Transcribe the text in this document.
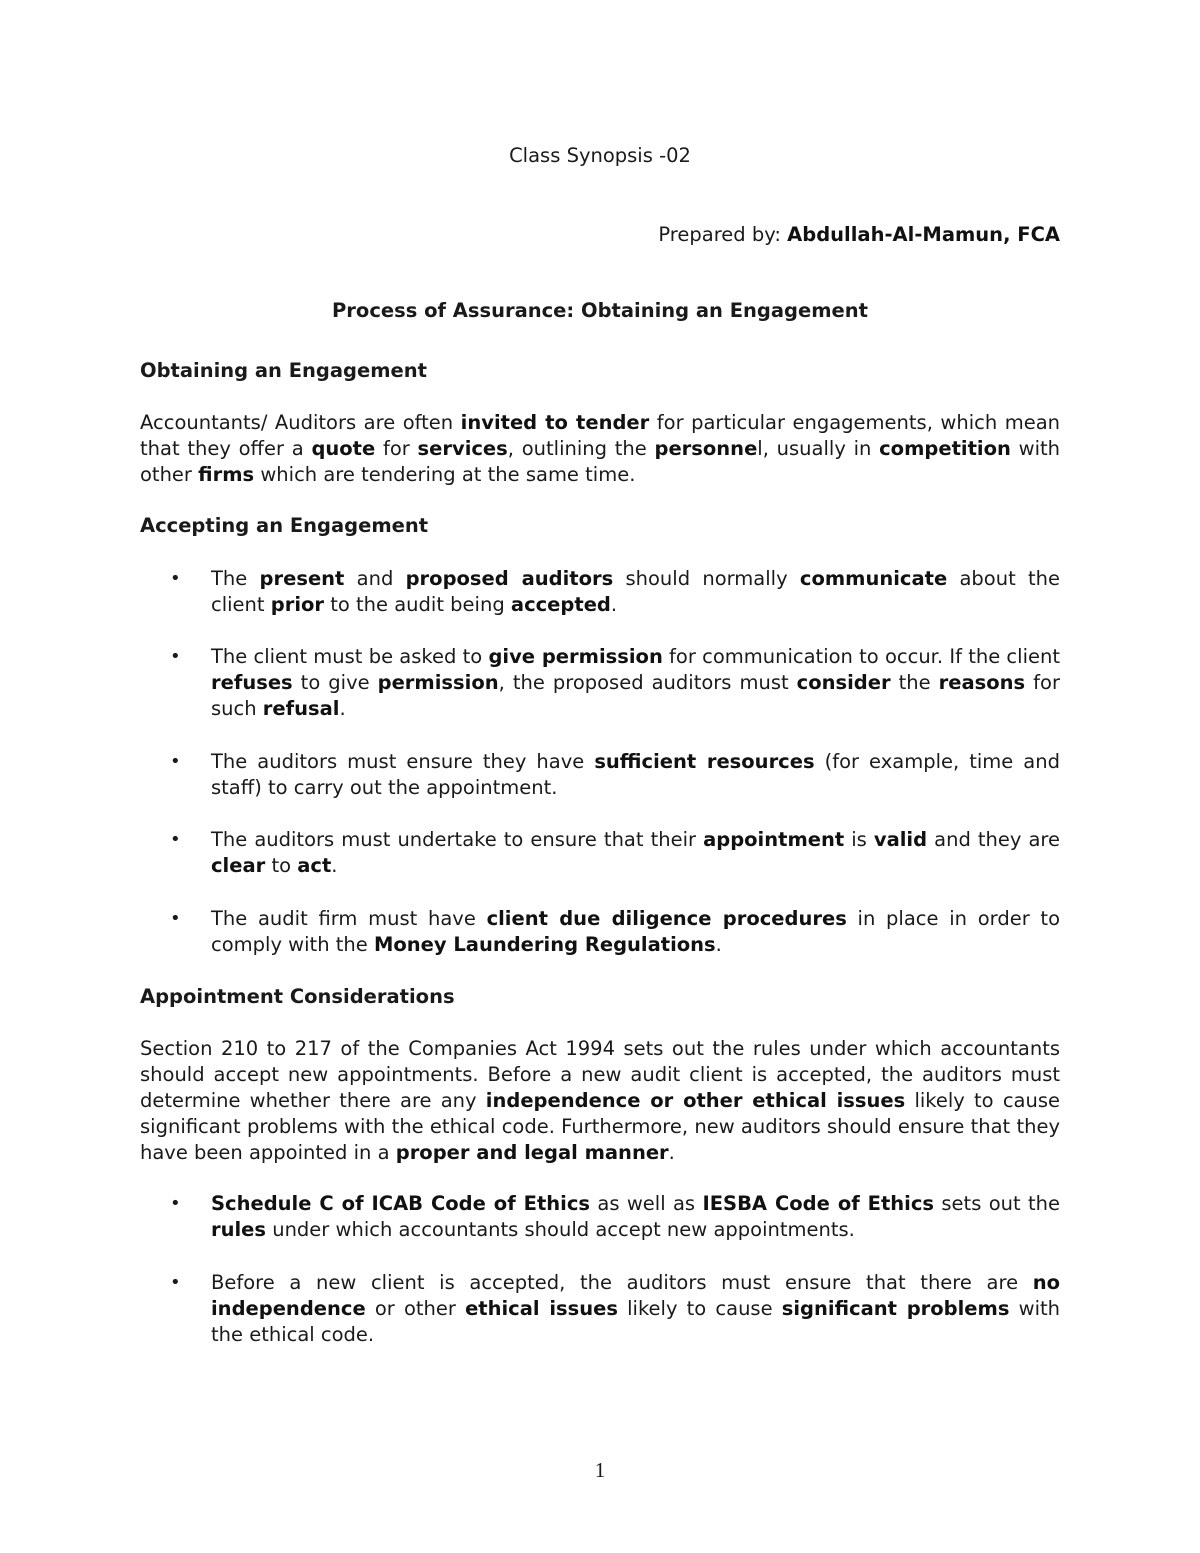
Class Synopsis -02
Prepared by: Abdullah-Al-Mamun, FCA
Process of Assurance: Obtaining an Engagement
Obtaining an Engagement
Accountants/ Auditors are often invited to tender for particular engagements, which mean that they offer a quote for services, outlining the personnel, usually in competition with other firms which are tendering at the same time.
Accepting an Engagement
•	The present and proposed auditors should normally communicate about the client prior to the audit being accepted.
•	The client must be asked to give permission for communication to occur. If the client refuses to give permission, the proposed auditors must consider the reasons for such refusal.
•	The auditors must ensure they have sufficient resources (for example, time and staff) to carry out the appointment.
•	The auditors must undertake to ensure that their appointment is valid and they are clear to act.
•	The audit firm must have client due diligence procedures in place in order to comply with the Money Laundering Regulations.
Appointment Considerations
Section 210 to 217 of the Companies Act 1994 sets out the rules under which accountants should accept new appointments. Before a new audit client is accepted, the auditors must determine whether there are any independence or other ethical issues likely to cause significant problems with the ethical code. Furthermore, new auditors should ensure that they have been appointed in a proper and legal manner.
•	Schedule C of ICAB Code of Ethics as well as IESBA Code of Ethics sets out the rules under which accountants should accept new appointments.
•	Before a new client is accepted, the auditors must ensure that there are no independence or other ethical issues likely to cause significant problems with the ethical code.
1
